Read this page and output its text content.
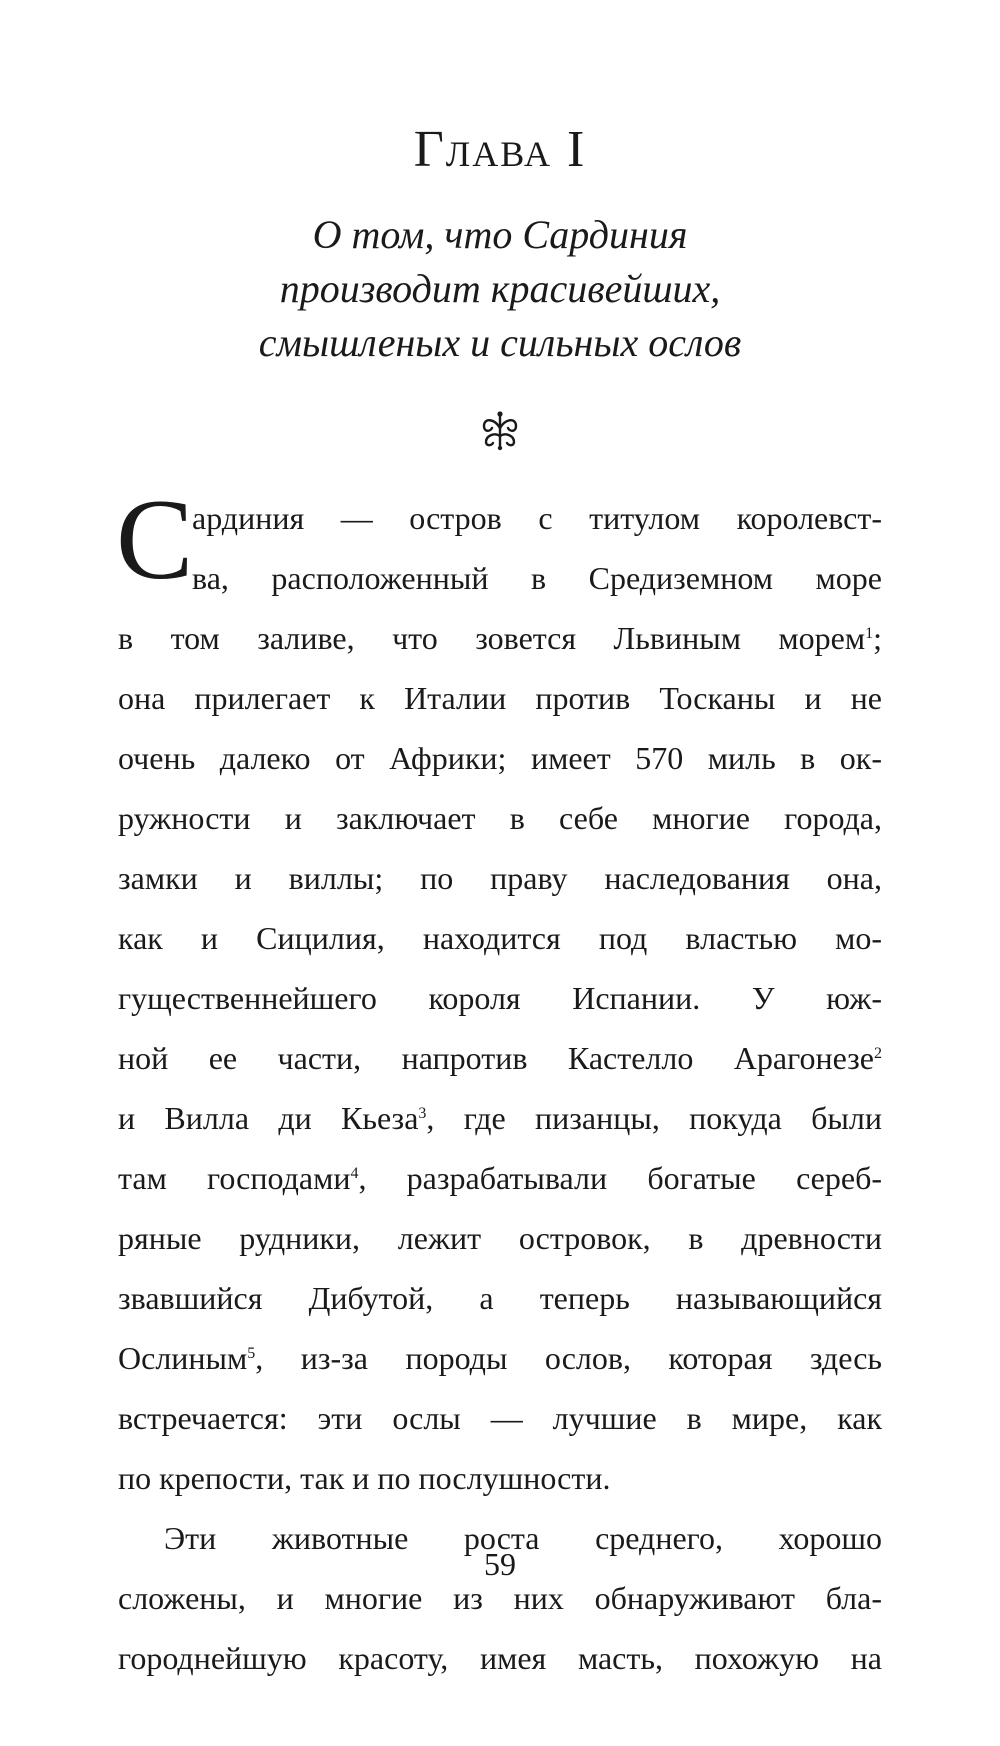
Глава I
О том, что Сардиния
производит красивейших,
смышленых и сильных ослов
С
ардиния — остров с титулом королевст-
ва, расположенный в Средиземном море
в том заливе, что зовется Львиным морем$^1$;
она прилегает к Италии против Тосканы и не
очень далеко от Африки; имеет 570 миль в ок-
ружности и заключает в себе многие города,
замки и виллы; по праву наследования она,
как и Сицилия, находится под властью мо-
гущественнейшего короля Испании. У юж-
ной ее части, напротив Кастелло Арагонезе$^2$
и Вилла ди Кьеза$^3$, где пизанцы, покуда были
там господами$^4$, разрабатывали богатые сереб-
ряные рудники, лежит островок, в древности
звавшийся Дибутой, а теперь называющийся
Ослиным$^5$, из-за породы ослов, которая здесь
встречается: эти ослы — лучшие в мире, как
по крепости, так и по послушности.
Эти животные роста среднего, хорошо
сложены, и многие из них обнаруживают бла-
городнейшую красоту, имея масть, похожую на
59
